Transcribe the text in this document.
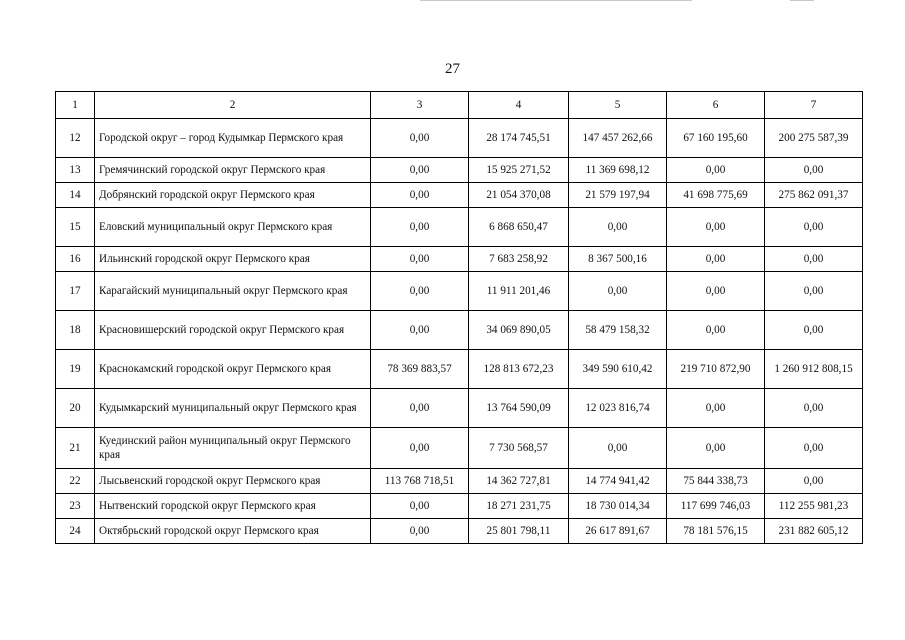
27
1	2	3	4	5	6	7
12	Городской округ – город Кудымкар Пермского края	0,00	28 174 745,51	147 457 262,66	67 160 195,60	200 275 587,39
13	Гремячинский городской округ Пермского края	0,00	15 925 271,52	11 369 698,12	0,00	0,00
14	Добрянский городской округ Пермского края	0,00	21 054 370,08	21 579 197,94	41 698 775,69	275 862 091,37
15	Еловский муниципальный округ Пермского края	0,00	6 868 650,47	0,00	0,00	0,00
16	Ильинский городской округ Пермского края	0,00	7 683 258,92	8 367 500,16	0,00	0,00
17	Карагайский муниципальный округ Пермского края	0,00	11 911 201,46	0,00	0,00	0,00
18	Красновишерский городской округ Пермского края	0,00	34 069 890,05	58 479 158,32	0,00	0,00
19	Краснокамский городской округ Пермского края	78 369 883,57	128 813 672,23	349 590 610,42	219 710 872,90	1 260 912 808,15
20	Кудымкарский муниципальный округ Пермского края	0,00	13 764 590,09	12 023 816,74	0,00	0,00
21	Куединский район муниципальный округ Пермского края	0,00	7 730 568,57	0,00	0,00	0,00
22	Лысьвенский городской округ Пермского края	113 768 718,51	14 362 727,81	14 774 941,42	75 844 338,73	0,00
23	Нытвенский городской округ Пермского края	0,00	18 271 231,75	18 730 014,34	117 699 746,03	112 255 981,23
24	Октябрьский городской округ Пермского края	0,00	25 801 798,11	26 617 891,67	78 181 576,15	231 882 605,12
